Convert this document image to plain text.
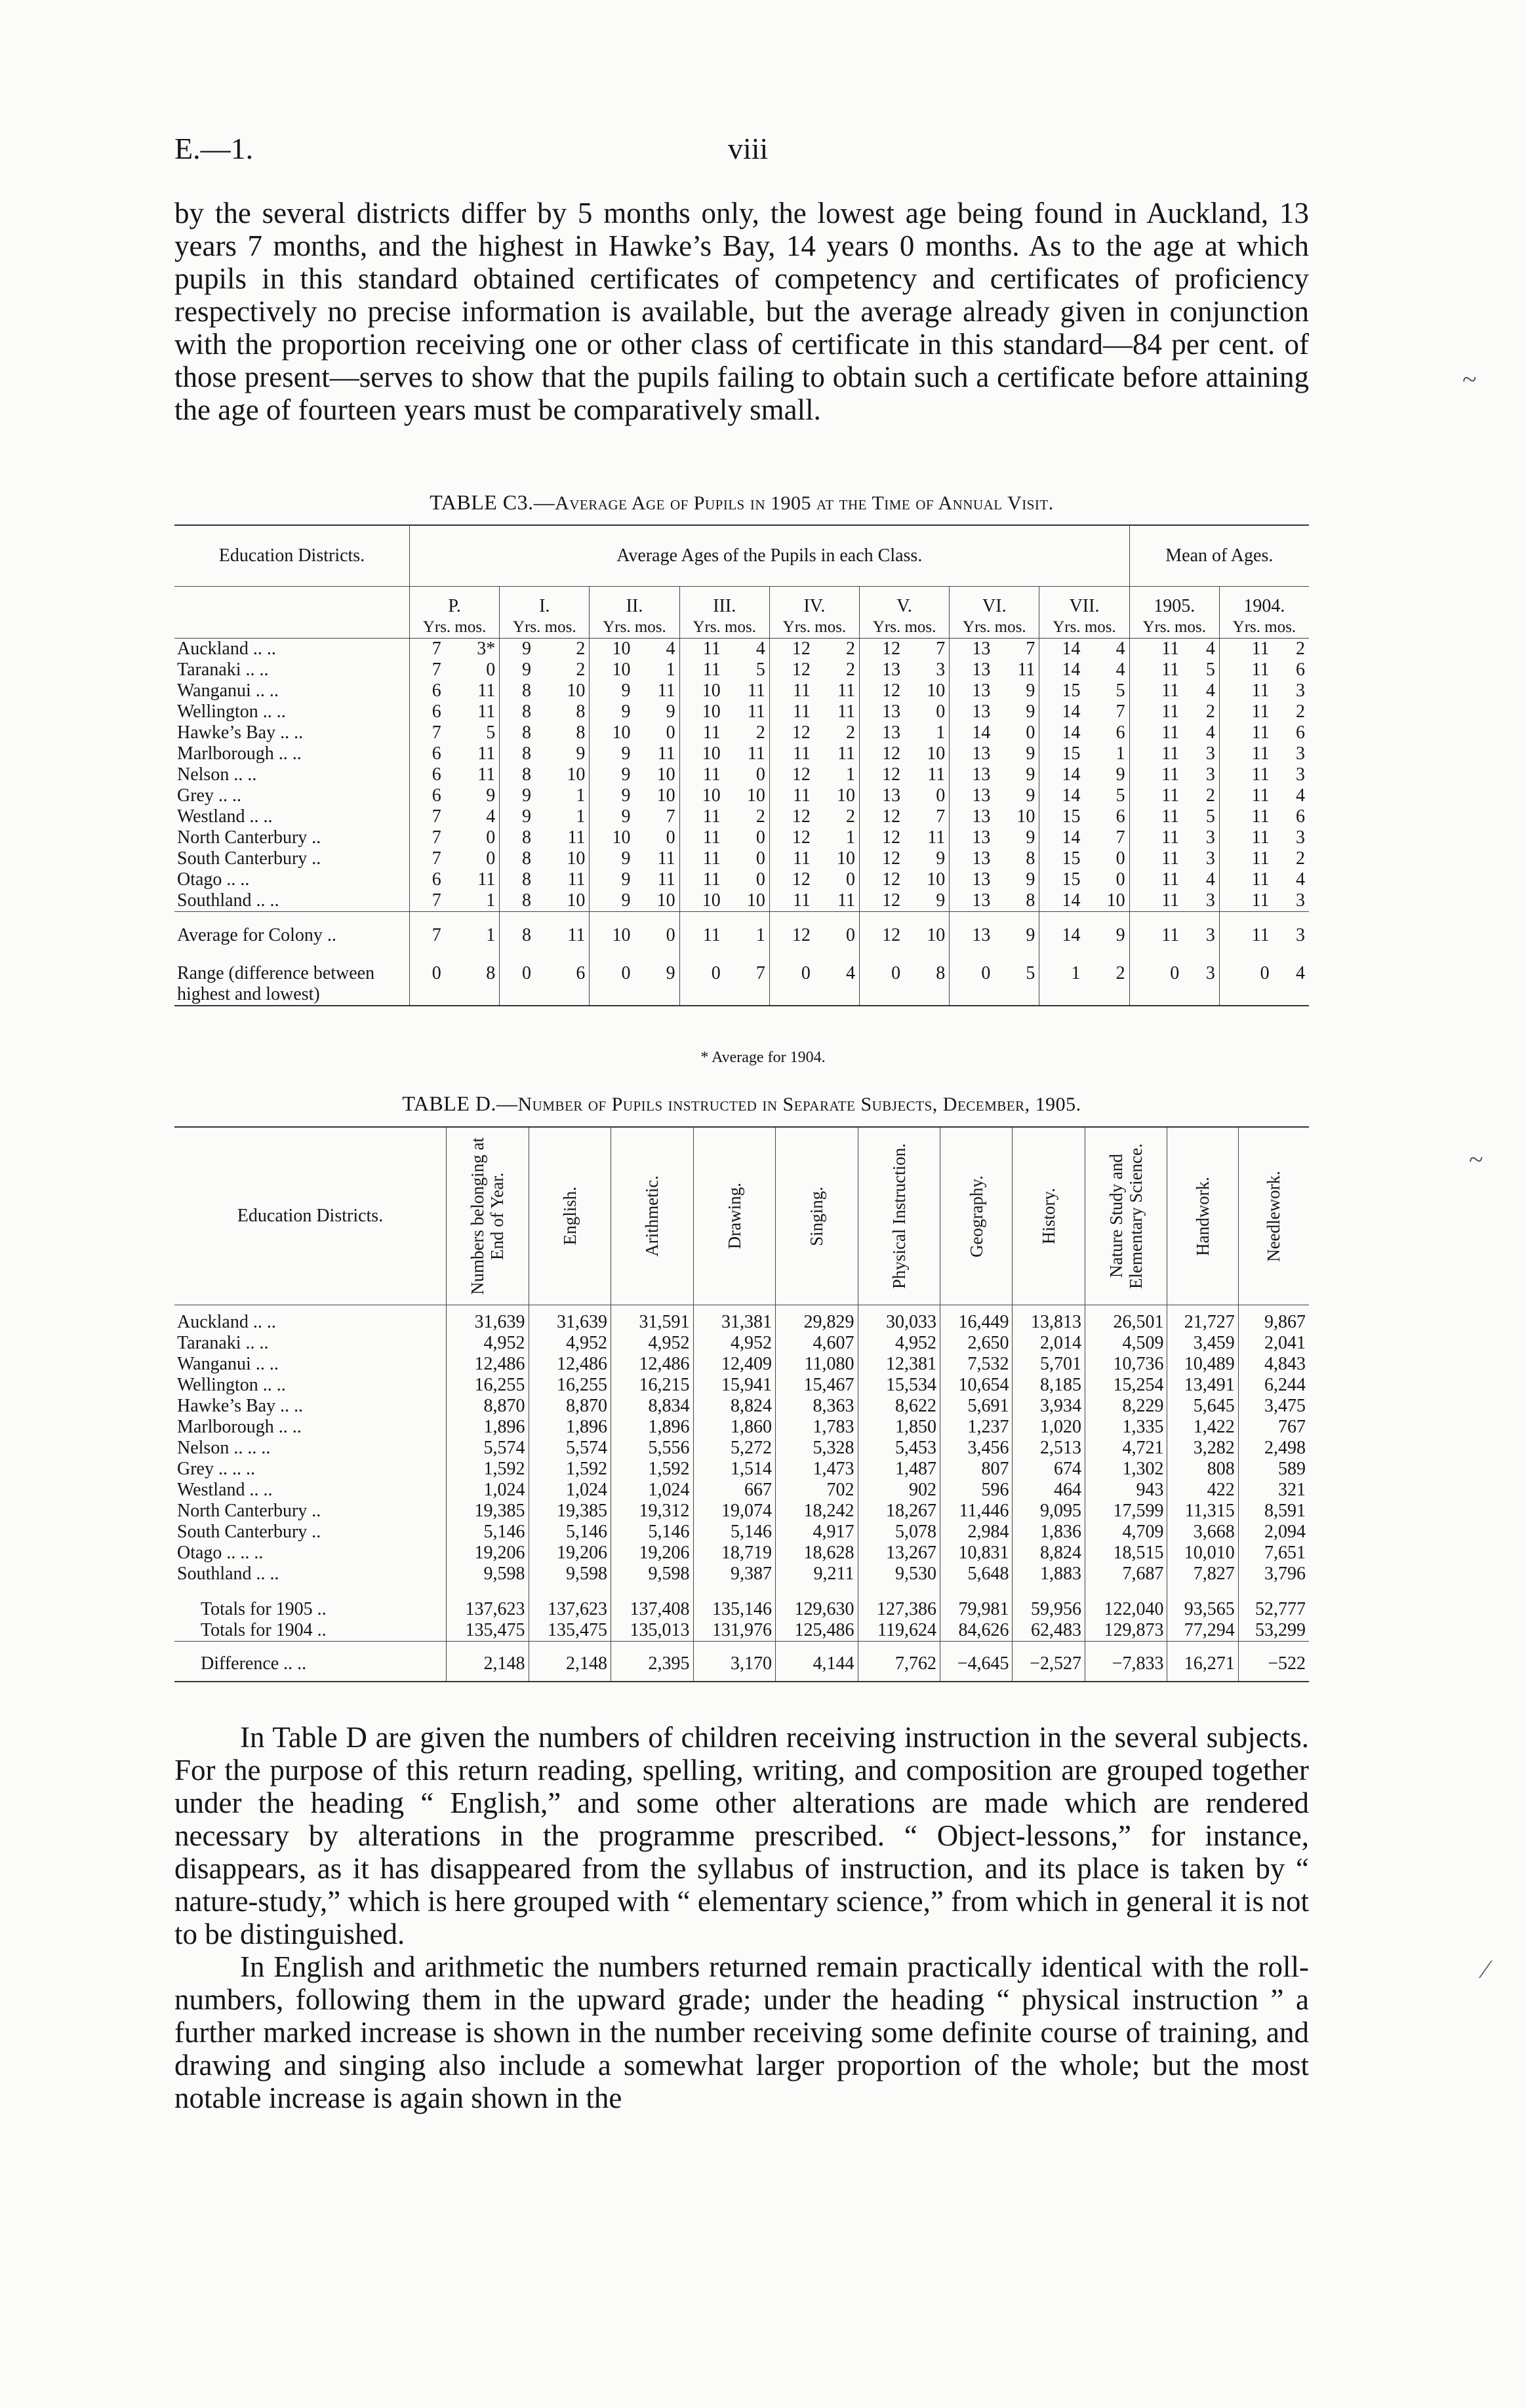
E.—1.	viii

by the several districts differ by 5 months only, the lowest age being found in Auckland, 13 years 7 months, and the highest in Hawke’s Bay, 14 years 0 months. As to the age at which pupils in this standard obtained certificates of competency and certificates of proficiency respectively no precise information is available, but the average already given in conjunction with the proportion receiving one or other class of certificate in this standard—84 per cent. of those present—serves to show that the pupils failing to obtain such a certificate before attaining the age of fourteen years must be comparatively small.

TABLE C3.—Average Age of Pupils in 1905 at the Time of Annual Visit.
Education Districts.	Average Ages of the Pupils in each Class.																Mean of Ages.			
	P.		I.		II.		III.		IV.		V.		VI.		VII.		1905.		1904.	
	Yrs. mos.		Yrs. mos.		Yrs. mos.		Yrs. mos.		Yrs. mos.		Yrs. mos.		Yrs. mos.		Yrs. mos.		Yrs. mos.		Yrs. mos.	
Auckland .. ..	7	3*	9	2	10	4	11	4	12	2	12	7	13	7	14	4	11	4	11	2
Taranaki .. ..	7	0	9	2	10	1	11	5	12	2	13	3	13	11	14	4	11	5	11	6
Wanganui .. ..	6	11	8	10	9	11	10	11	11	11	12	10	13	9	15	5	11	4	11	3
Wellington .. ..	6	11	8	8	9	9	10	11	11	11	13	0	13	9	14	7	11	2	11	2
Hawke’s Bay .. ..	7	5	8	8	10	0	11	2	12	2	13	1	14	0	14	6	11	4	11	6
Marlborough .. ..	6	11	8	9	9	11	10	11	11	11	12	10	13	9	15	1	11	3	11	3
Nelson .. ..	6	11	8	10	9	10	11	0	12	1	12	11	13	9	14	9	11	3	11	3
Grey .. ..	6	9	9	1	9	10	10	10	11	10	13	0	13	9	14	5	11	2	11	4
Westland .. ..	7	4	9	1	9	7	11	2	12	2	12	7	13	10	15	6	11	5	11	6
North Canterbury ..	7	0	8	11	10	0	11	0	12	1	12	11	13	9	14	7	11	3	11	3
South Canterbury ..	7	0	8	10	9	11	11	0	11	10	12	9	13	8	15	0	11	3	11	2
Otago .. ..	6	11	8	11	9	11	11	0	12	0	12	10	13	9	15	0	11	4	11	4
Southland .. ..	7	1	8	10	9	10	10	10	11	11	12	9	13	8	14	10	11	3	11	3
Average for Colony ..	7	1	8	11	10	0	11	1	12	0	12	10	13	9	14	9	11	3	11	3
Range (difference between highest and lowest)	0	8	0	6	0	9	0	7	0	4	0	8	0	5	1	2	0	3	0	4
* Average for 1904.
TABLE D.—Number of Pupils instructed in Separate Subjects, December, 1905.
Education Districts.	Numbers belonging at End of Year.	English.	Arithmetic.	Drawing.	Singing.	Physical Instruction.	Geography.	History.	Nature Study and Elementary Science.	Handwork.	Needlework.

Auckland .. ..	31,639	31,639	31,591	31,381	29,829	30,033	16,449	13,813	26,501	21,727	9,867
Taranaki .. ..	4,952	4,952	4,952	4,952	4,607	4,952	2,650	2,014	4,509	3,459	2,041
Wanganui .. ..	12,486	12,486	12,486	12,409	11,080	12,381	7,532	5,701	10,736	10,489	4,843
Wellington .. ..	16,255	16,255	16,215	15,941	15,467	15,534	10,654	8,185	15,254	13,491	6,244
Hawke’s Bay .. ..	8,870	8,870	8,834	8,824	8,363	8,622	5,691	3,934	8,229	5,645	3,475
Marlborough .. ..	1,896	1,896	1,896	1,860	1,783	1,850	1,237	1,020	1,335	1,422	767
Nelson .. .. ..	5,574	5,574	5,556	5,272	5,328	5,453	3,456	2,513	4,721	3,282	2,498
Grey .. .. ..	1,592	1,592	1,592	1,514	1,473	1,487	807	674	1,302	808	589
Westland .. ..	1,024	1,024	1,024	667	702	902	596	464	943	422	321
North Canterbury ..	19,385	19,385	19,312	19,074	18,242	18,267	11,446	9,095	17,599	11,315	8,591
South Canterbury ..	5,146	5,146	5,146	5,146	4,917	5,078	2,984	1,836	4,709	3,668	2,094
Otago .. .. ..	19,206	19,206	19,206	18,719	18,628	13,267	10,831	8,824	18,515	10,010	7,651
Southland .. ..	9,598	9,598	9,598	9,387	9,211	9,530	5,648	1,883	7,687	7,827	3,796
Totals for 1905 ..	137,623	137,623	137,408	135,146	129,630	127,386	79,981	59,956	122,040	93,565	52,777
Totals for 1904 ..	135,475	135,475	135,013	131,976	125,486	119,624	84,626	62,483	129,873	77,294	53,299
Difference .. ..	2,148	2,148	2,395	3,170	4,144	7,762	−4,645	−2,527	−7,833	16,271	−522

In Table D are given the numbers of children receiving instruction in the several subjects. For the purpose of this return reading, spelling, writing, and composition are grouped together under the heading “ English,” and some other alterations are made which are rendered necessary by alterations in the programme prescribed. “ Object-lessons,” for instance, disappears, as it has disappeared from the syllabus of instruction, and its place is taken by “ nature-study,” which is here grouped with “ elementary science,” from which in general it is not to be distinguished.

In English and arithmetic the numbers returned remain practically identical with the roll-numbers, following them in the upward grade; under the heading “ physical instruction ” a further marked increase is shown in the number receiving some definite course of training, and drawing and singing also include a somewhat larger proportion of the whole; but the most notable increase is again shown in the

~
~
⁄
